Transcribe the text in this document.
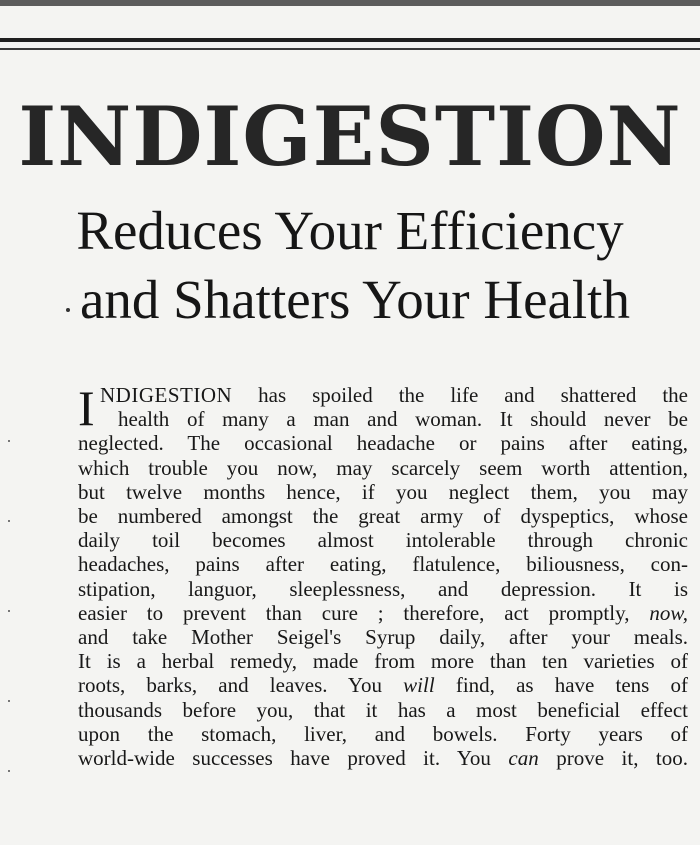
INDIGESTION
Reduces Your Efficiency
and Shatters Your Health
I NDIGESTION has spoiled the life and shattered the
health of many a man and woman. It should never be
neglected. The occasional headache or pains after eating,
which trouble you now, may scarcely seem worth attention,
but twelve months hence, if you neglect them, you may
be numbered amongst the great army of dyspeptics, whose
daily toil becomes almost intolerable through chronic
headaches, pains after eating, flatulence, biliousness, con-
stipation, languor, sleeplessness, and depression. It is
easier to prevent than cure ; therefore, act promptly, now,
and take Mother Seigel's Syrup daily, after your meals.
It is a herbal remedy, made from more than ten varieties of
roots, barks, and leaves. You will find, as have tens of
thousands before you, that it has a most beneficial effect
upon the stomach, liver, and bowels. Forty years of
world-wide successes have proved it. You can prove it, too.
